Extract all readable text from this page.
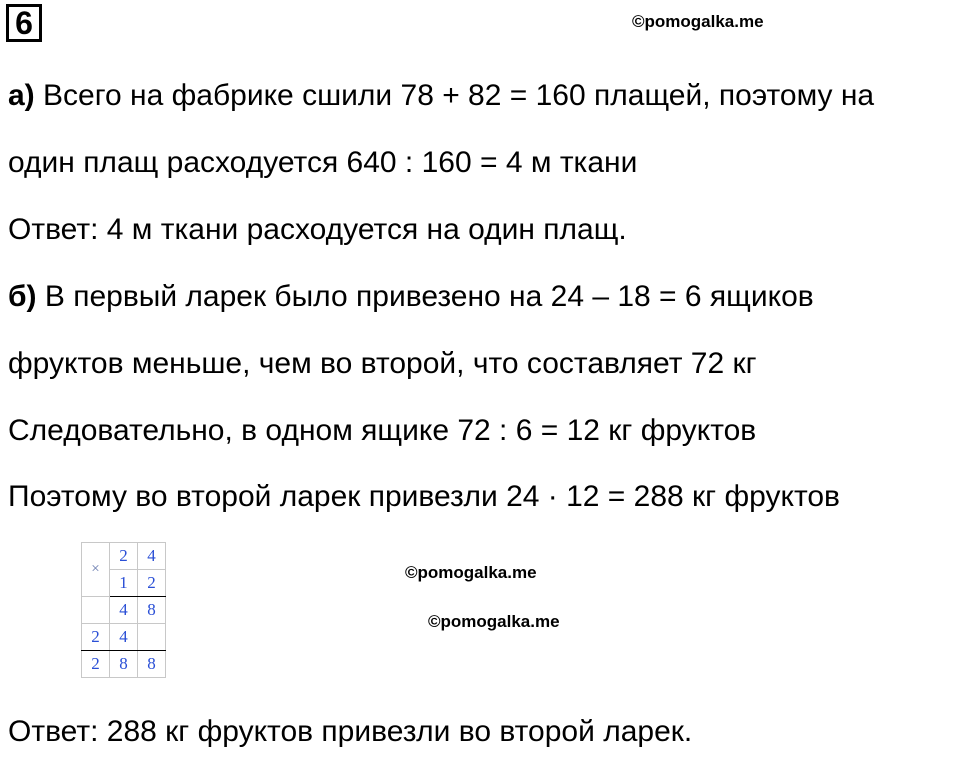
6	©pomogalka.me
а) Всего на фабрике сшили 78 + 82 = 160 плащей, поэтому на
один плащ расходуется 640 : 160 = 4 м ткани
Ответ: 4 м ткани расходуется на один плащ.
б) В первый ларек было привезено на 24 – 18 = 6 ящиков
фруктов меньше, чем во второй, что составляет 72 кг
Следовательно, в одном ящике 72 : 6 = 12 кг фруктов
Поэтому во второй ларек привезли 24 · 12 = 288 кг фруктов
×	2	4
	1	2
	4	8
2	4	
2	8	8
©pomogalka.me
©pomogalka.me
Ответ: 288 кг фруктов привезли во второй ларек.
